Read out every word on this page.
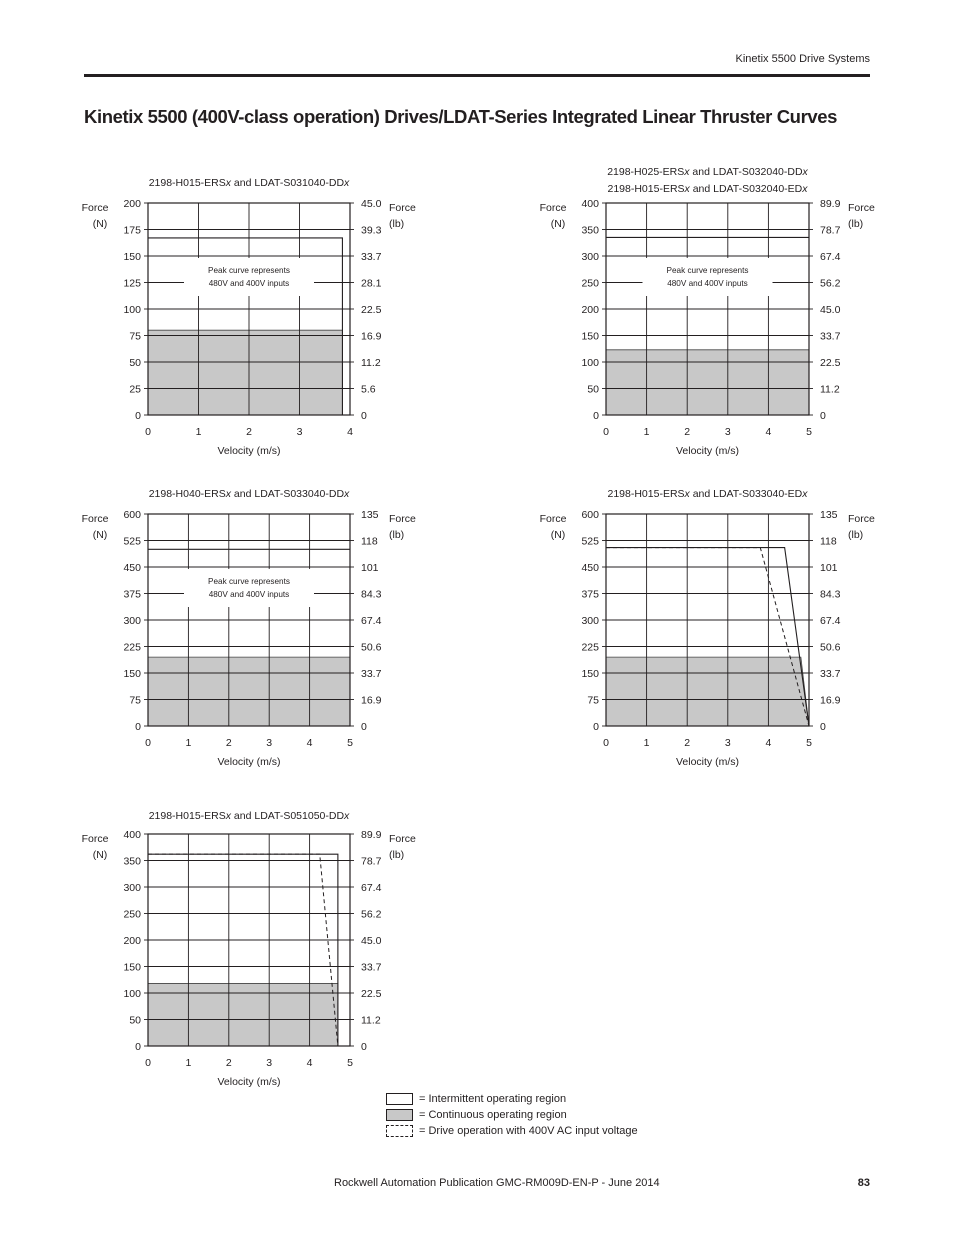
Kinetix 5500 Drive Systems
Kinetix 5500 (400V-class operation) Drives/LDAT-Series Integrated Linear Thruster Curves
0	0
25	5.6
50	11.2
75	16.9
100	22.5
125	28.1
150	33.7
175	39.3
200	45.0
0	1	2	3	4
Peak curve represents
480V and 400V inputs
2198-H015-ERSx and LDAT-S031040-DDx
Force
(N)
Force
(lb)
Velocity (m/s)
0	0
50	11.2
100	22.5
150	33.7
200	45.0
250	56.2
300	67.4
350	78.7
400	89.9
0	1	2	3	4	5
Peak curve represents
480V and 400V inputs
2198-H025-ERSx and LDAT-S032040-DDx
2198-H015-ERSx and LDAT-S032040-EDx
Force
(N)
Force
(lb)
Velocity (m/s)
0	0
75	16.9
150	33.7
225	50.6
300	67.4
375	84.3
450	101
525	118
600	135
0	1	2	3	4	5
Peak curve represents
480V and 400V inputs
2198-H040-ERSx and LDAT-S033040-DDx
Force
(N)
Force
(lb)
Velocity (m/s)
0	0
75	16.9
150	33.7
225	50.6
300	67.4
375	84.3
450	101
525	118
600	135
0	1	2	3	4	5
2198-H015-ERSx and LDAT-S033040-EDx
Force
(N)
Force
(lb)
Velocity (m/s)
0	0
50	11.2
100	22.5
150	33.7
200	45.0
250	56.2
300	67.4
350	78.7
400	89.9
0	1	2	3	4	5
2198-H015-ERSx and LDAT-S051050-DDx
Force
(N)
Force
(lb)
Velocity (m/s)
= Intermittent operating region
= Continuous operating region
= Drive operation with 400V AC input voltage
Rockwell Automation Publication GMC-RM009D-EN-P - June 2014	83
